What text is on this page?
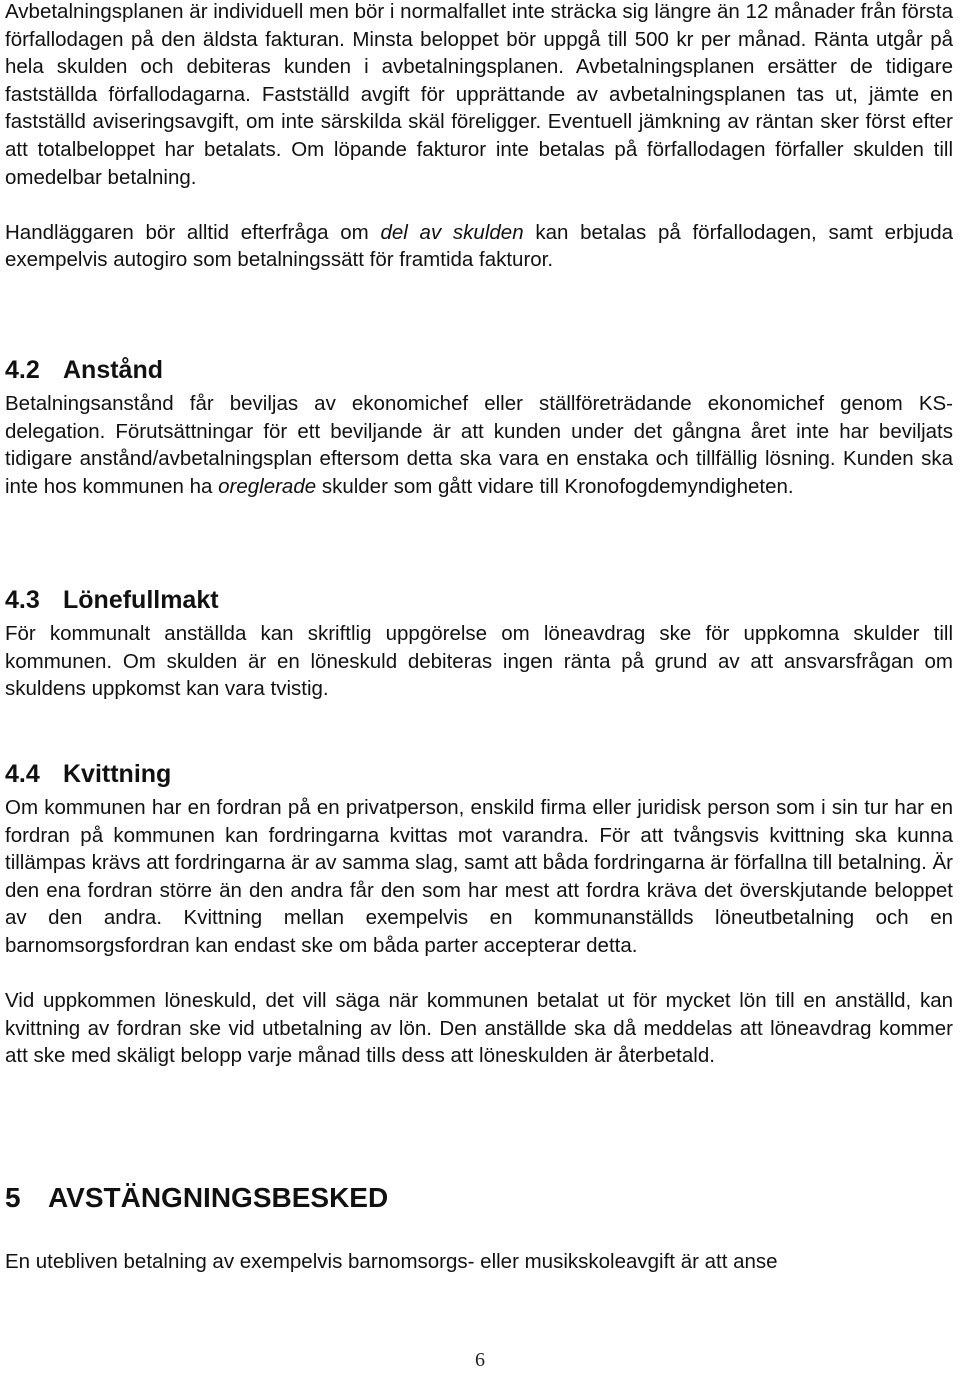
Avbetalningsplanen är individuell men bör i normalfallet inte sträcka sig längre än 12 månader från första förfallodagen på den äldsta fakturan. Minsta beloppet bör uppgå till 500 kr per månad. Ränta utgår på hela skulden och debiteras kunden i avbetalningsplanen. Avbetalningsplanen ersätter de tidigare fastställda förfallodagarna. Fastställd avgift för upprättande av avbetalningsplanen tas ut, jämte en fastställd aviseringsavgift, om inte särskilda skäl föreligger. Eventuell jämkning av räntan sker först efter att totalbeloppet har betalats. Om löpande fakturor inte betalas på förfallodagen förfaller skulden till omedelbar betalning.

Handläggaren bör alltid efterfråga om del av skulden kan betalas på förfallodagen, samt erbjuda exempelvis autogiro som betalningssätt för framtida fakturor.

4.2 Anstånd

Betalningsanstånd får beviljas av ekonomichef eller ställföreträdande ekonomichef genom KS-delegation. Förutsättningar för ett beviljande är att kunden under det gångna året inte har beviljats tidigare anstånd/avbetalningsplan eftersom detta ska vara en enstaka och tillfällig lösning. Kunden ska inte hos kommunen ha oreglerade skulder som gått vidare till Kronofogdemyndigheten.

4.3 Lönefullmakt

För kommunalt anställda kan skriftlig uppgörelse om löneavdrag ske för uppkomna skulder till kommunen. Om skulden är en löneskuld debiteras ingen ränta på grund av att ansvarsfrågan om skuldens uppkomst kan vara tvistig.

4.4 Kvittning

Om kommunen har en fordran på en privatperson, enskild firma eller juridisk person som i sin tur har en fordran på kommunen kan fordringarna kvittas mot varandra. För att tvångsvis kvittning ska kunna tillämpas krävs att fordringarna är av samma slag, samt att båda fordringarna är förfallna till betalning. Är den ena fordran större än den andra får den som har mest att fordra kräva det överskjutande beloppet av den andra. Kvittning mellan exempelvis en kommunanställds löneutbetalning och en barnomsorgsfordran kan endast ske om båda parter accepterar detta.

Vid uppkommen löneskuld, det vill säga när kommunen betalat ut för mycket lön till en anställd, kan kvittning av fordran ske vid utbetalning av lön. Den anställde ska då meddelas att löneavdrag kommer att ske med skäligt belopp varje månad tills dess att löneskulden är återbetald.

5 AVSTÄNGNINGSBESKED

En utebliven betalning av exempelvis barnomsorgs- eller musikskoleavgift är att anse

6
